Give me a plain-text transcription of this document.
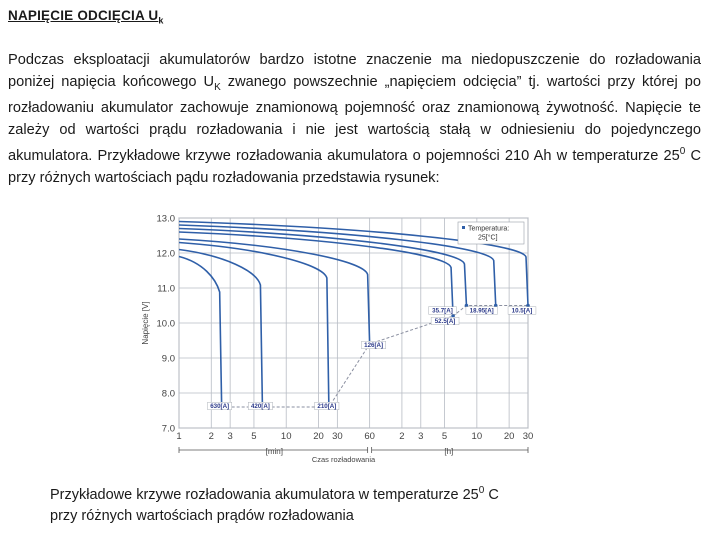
NAPIĘCIE ODCIĘCIA $U_k$
Podczas eksploatacji akumulatorów bardzo istotne znaczenie ma niedopuszczenie do rozładowania poniżej napięcia końcowego $U_K$ zwanego powszechnie „napięciem odcięcia” tj. wartości przy której po rozładowaniu akumulator zachowuje znamionową pojemność oraz znamionową żywotność. Napięcie te zależy od wartości prądu rozładowania i nie jest wartością stałą w odniesieniu do pojedynczego akumulatora. Przykładowe krzywe rozładowania akumulatora o pojemności 210 Ah w temperaturze $25^0$ C przy różnych wartościach pądu rozładowania przedstawia rysunek:
13.0
12.0
11.0
10.0
9.0
8.0
7.0
1	2 3 5	10 20 30 60	2 3 5	10 20 30
Napięcie [V]
[min]	[h]
Czas rozładowania
630[A]	420[A]	210[A]
126[A]
52.5[A]
35.7[A]	18.95[A]	10.5[A]
Temperatura:
25[°C]
Przykładowe krzywe rozładowania akumulatora w temperaturze $25^0$ C
przy różnych wartościach prądów rozładowania
